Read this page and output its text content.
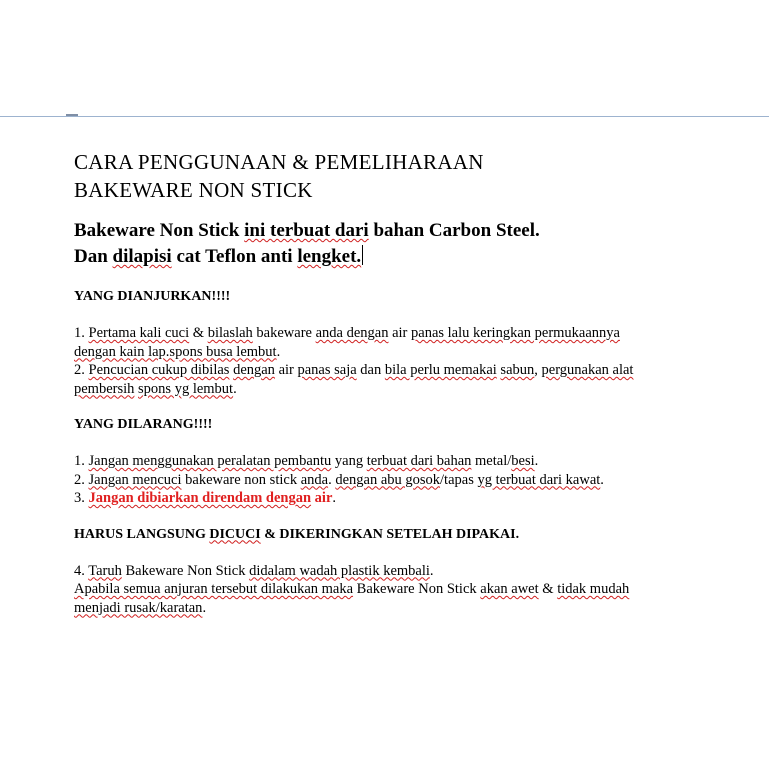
CARA PENGGUNAAN & PEMELIHARAAN
BAKEWARE NON STICK
Bakeware Non Stick ini terbuat dari bahan Carbon Steel.
Dan dilapisi cat Teflon anti lengket.
YANG DIANJURKAN!!!!
1. Pertama kali cuci & bilaslah bakeware anda dengan air panas lalu keringkan permukaannya
dengan kain lap.spons busa lembut.
2. Pencucian cukup dibilas dengan air panas saja dan bila perlu memakai sabun, pergunakan alat
pembersih spons yg lembut.
YANG DILARANG!!!!
1. Jangan menggunakan peralatan pembantu yang terbuat dari bahan metal/besi.
2. Jangan mencuci bakeware non stick anda. dengan abu gosok/tapas yg terbuat dari kawat.
3. Jangan dibiarkan direndam dengan air.
HARUS LANGSUNG DICUCI & DIKERINGKAN SETELAH DIPAKAI.
4. Taruh Bakeware Non Stick didalam wadah plastik kembali.
Apabila semua anjuran tersebut dilakukan maka Bakeware Non Stick akan awet & tidak mudah
menjadi rusak/karatan.
